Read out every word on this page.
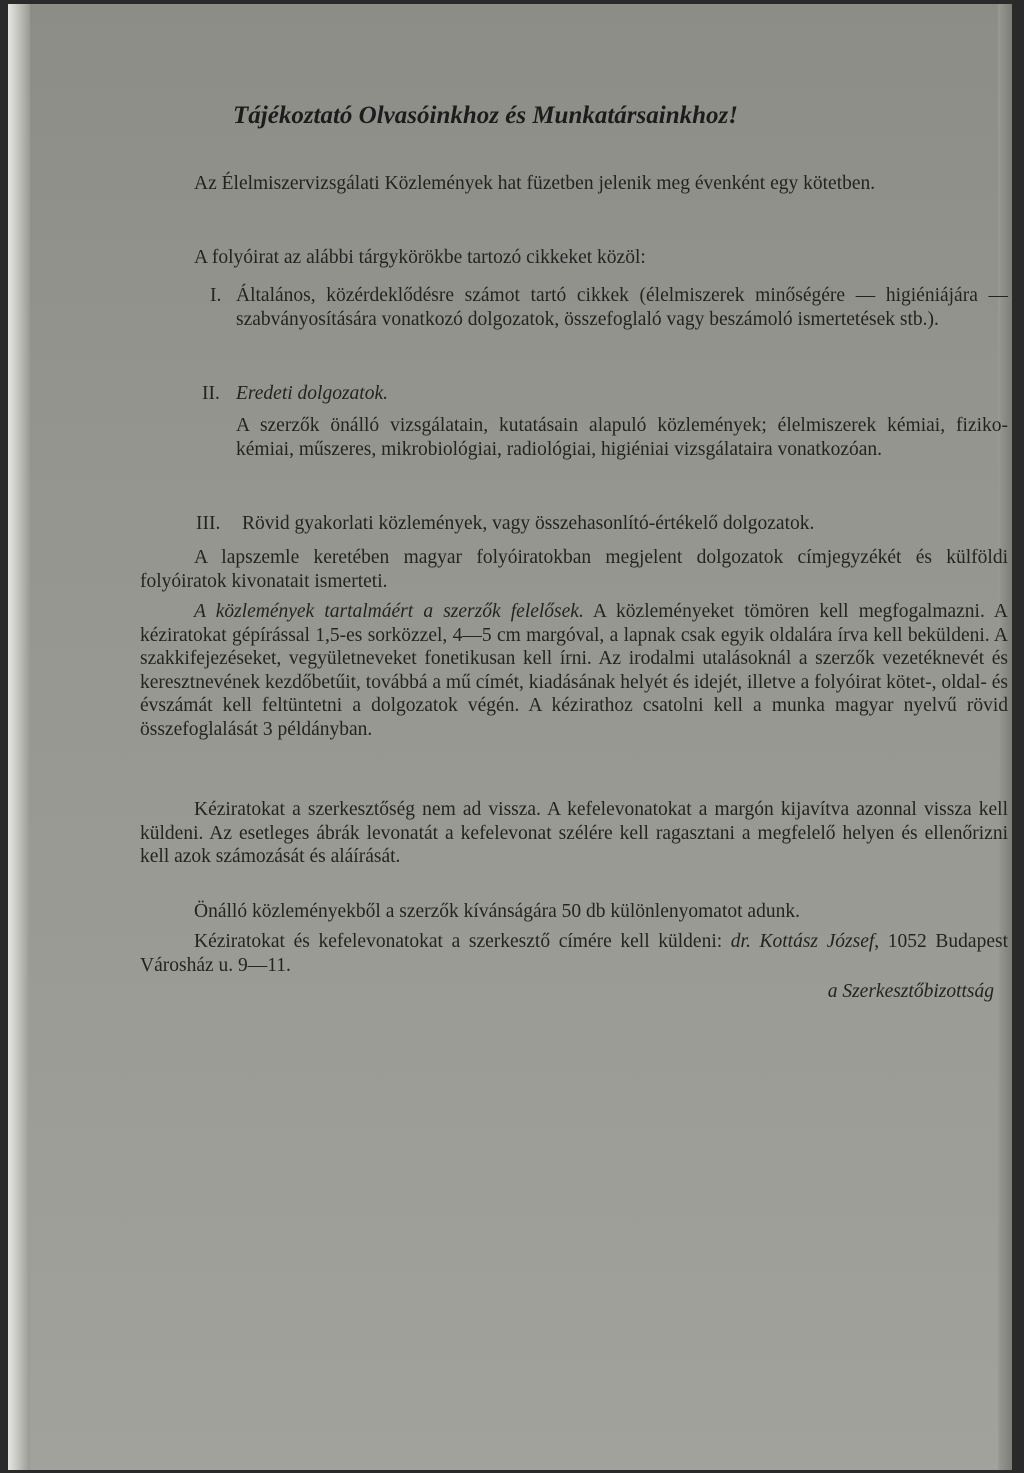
Tájékoztató Olvasóinkhoz és Munkatársainkhoz!

Az Élelmiszervizsgálati Közlemények hat füzetben jelenik meg évenként egy kötetben.

A folyóirat az alábbi tárgykörökbe tartozó cikkeket közöl:

I. Általános, közérdeklődésre számot tartó cikkek (élelmiszerek minőségére — higiéniájára — szabványosítására vonatkozó dolgozatok, összefoglaló vagy beszámoló ismertetések stb.).

II. Eredeti dolgozatok.

A szerzők önálló vizsgálatain, kutatásain alapuló közlemények; élelmiszerek kémiai, fiziko-kémiai, műszeres, mikrobiológiai, radiológiai, higiéniai vizsgálataira vonatkozóan.

III. Rövid gyakorlati közlemények, vagy összehasonlító-értékelő dolgozatok.

A lapszemle keretében magyar folyóiratokban megjelent dolgozatok címjegyzékét és külföldi folyóiratok kivonatait ismerteti.

A közlemények tartalmáért a szerzők felelősek. A közleményeket tömören kell megfogalmazni. A kéziratokat gépírással 1,5-es sorközzel, 4—5 cm margóval, a lapnak csak egyik oldalára írva kell beküldeni. A szakkifejezéseket, vegyületneveket fonetikusan kell írni. Az irodalmi utalásoknál a szerzők vezetéknevét és keresztnevének kezdőbetűit, továbbá a mű címét, kiadásának helyét és idejét, illetve a folyóirat kötet-, oldal- és évszámát kell feltüntetni a dolgozatok végén. A kézirathoz csatolni kell a munka magyar nyelvű rövid összefoglalását 3 példányban.

Kéziratokat a szerkesztőség nem ad vissza. A kefelevonatokat a margón kijavítva azonnal vissza kell küldeni. Az esetleges ábrák levonatát a kefelevonat szélére kell ragasztani a megfelelő helyen és ellenőrizni kell azok számozását és aláírását.

Önálló közleményekből a szerzők kívánságára 50 db különlenyomatot adunk.

Kéziratokat és kefelevonatokat a szerkesztő címére kell küldeni: dr. Kottász József, 1052 Budapest Városház u. 9—11.

a Szerkesztőbizottság
